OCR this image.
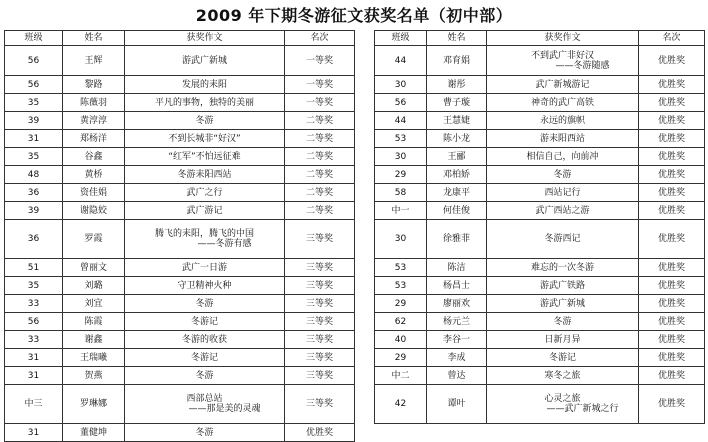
2009 年下期冬游征文获奖名单（初中部）
班级	姓名	获奖作文	名次
56	王辉	游武广新城	一等奖
56	黎路	发展的耒阳	一等奖
35	陈薇羽	平凡的事物，独特的美丽	一等奖
39	黄淳淳	冬游	二等奖
31	郑杨洋	不到长城非“好汉”	二等奖
35	谷鑫	“红军”不怕远征难	二等奖
48	黄桥	冬游耒阳西站	二等奖
36	资佳娟	武广之行	二等奖
39	谢隐姣	武广游记	二等奖
36	罗霞	腾飞的耒阳，腾飞的中国
——冬游有感	三等奖
51	曾丽文	武广一日游	三等奖
35	刘璐	守卫精神火种	三等奖
33	刘宜	冬游	三等奖
56	陈霞	冬游记	三等奖
33	谢鑫	冬游的收获	三等奖
31	王瑞曦	冬游记	三等奖
31	贺燕	冬游	三等奖
中三	罗琳娜	西部总站
——那是美的灵魂	三等奖
31	董健坤	冬游	优胜奖
班级	姓名	获奖作文	名次
44	邓育娟	不到武广非好汉
——冬游随感	优胜奖
30	谢彤	武广新城游记	优胜奖
56	曹子璇	神奇的武广高铁	优胜奖
44	王慧婕	永远的旗帜	优胜奖
53	陈小龙	游耒阳西站	优胜奖
30	王郦	相信自己，向前冲	优胜奖
29	邓柏娇	冬游	优胜奖
58	龙康平	西站记行	优胜奖
中一	何佳俊	武广西站之游	优胜奖
30	徐雅菲	冬游西记	优胜奖
53	陈洁	难忘的一次冬游	优胜奖
53	杨昌士	游武广铁路	优胜奖
29	廖丽欢	游武广新城	优胜奖
62	杨元兰	冬游	优胜奖
40	李谷一	日新月异	优胜奖
29	李成	冬游记	优胜奖
中二	曾达	寒冬之旅	优胜奖
42	谭叶	心灵之旅
——武广新城之行	优胜奖
